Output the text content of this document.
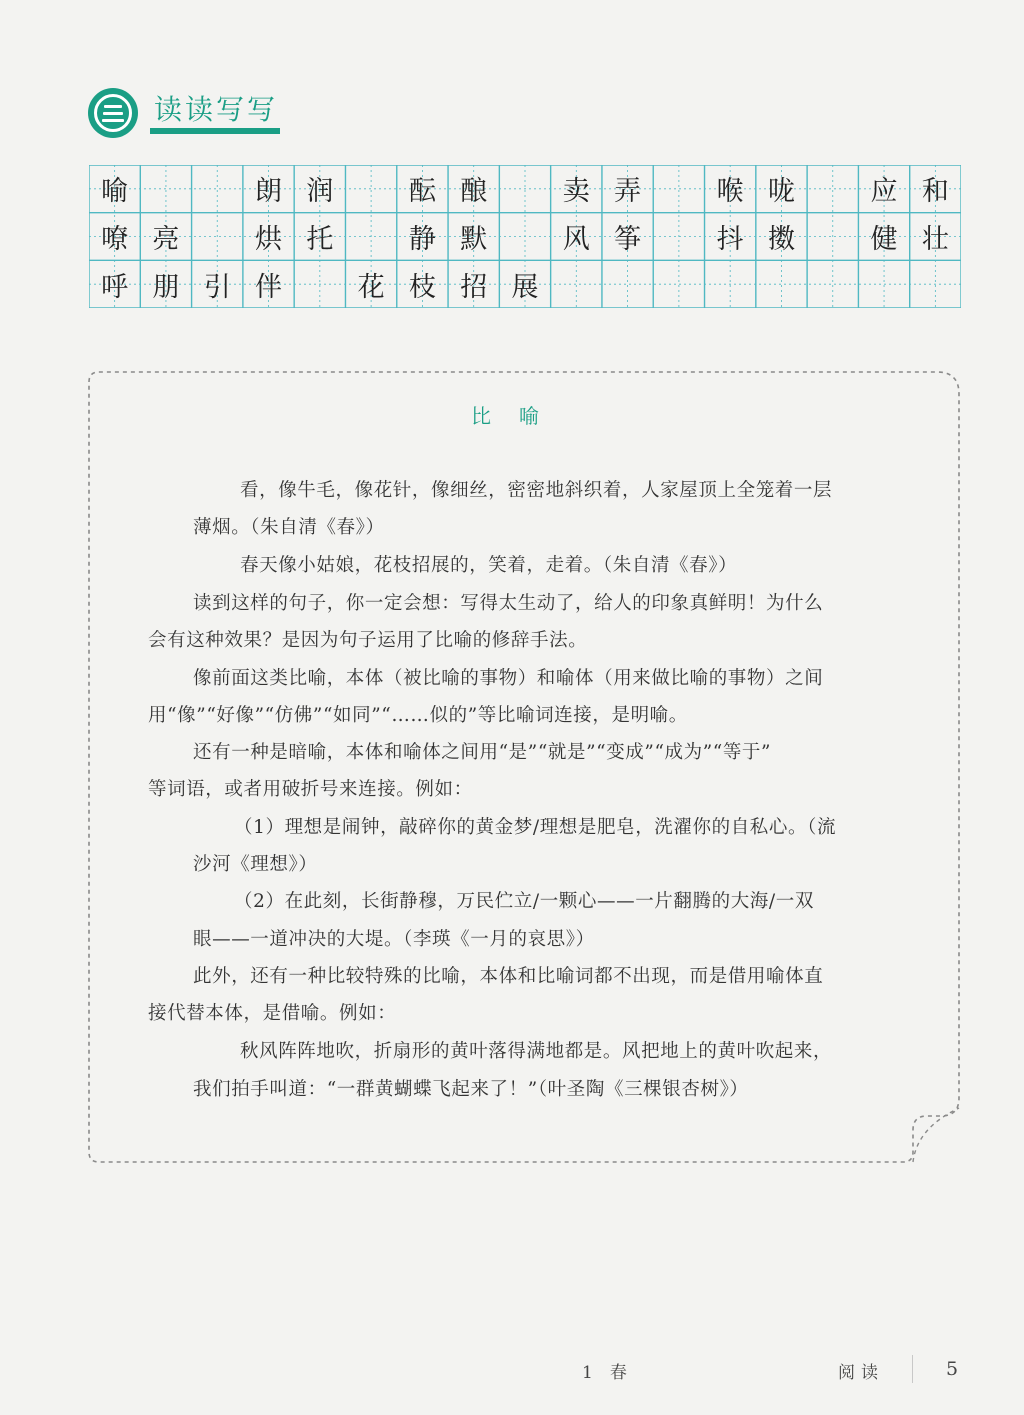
读读写写
喻	朗 润	酝 酿	卖 弄	喉 咙	应 和
嘹 亮	烘 托	静 默	风 筝	抖 擞	健 壮
呼 朋 引 伴	花 枝 招 展
比喻
看，像牛毛，像花针，像细丝，密密地斜织着，人家屋顶上全笼着一层
薄烟。（朱自清《春》）
春天像小姑娘，花枝招展的，笑着，走着。（朱自清《春》）
读到这样的句子，你一定会想：写得太生动了，给人的印象真鲜明！为什么
会有这种效果？是因为句子运用了比喻的修辞手法。
像前面这类比喻，本体（被比喻的事物）和喻体（用来做比喻的事物）之间
用“像”“好像”“仿佛”“如同”“……似的”等比喻词连接，是明喻。
还有一种是暗喻，本体和喻体之间用“是”“就是”“变成”“成为”“等于”
等词语，或者用破折号来连接。例如：
（1）理想是闹钟，敲碎你的黄金梦/理想是肥皂，洗濯你的自私心。（流
沙河《理想》）
（2）在此刻，长街静穆，万民伫立/一颗心——一片翻腾的大海/一双
眼——一道冲决的大堤。（李瑛《一月的哀思》）
此外，还有一种比较特殊的比喻，本体和比喻词都不出现，而是借用喻体直
接代替本体，是借喻。例如：
秋风阵阵地吹，折扇形的黄叶落得满地都是。风把地上的黄叶吹起来，
我们拍手叫道：“一群黄蝴蝶飞起来了！”（叶圣陶《三棵银杏树》）
1　春	阅读	5
